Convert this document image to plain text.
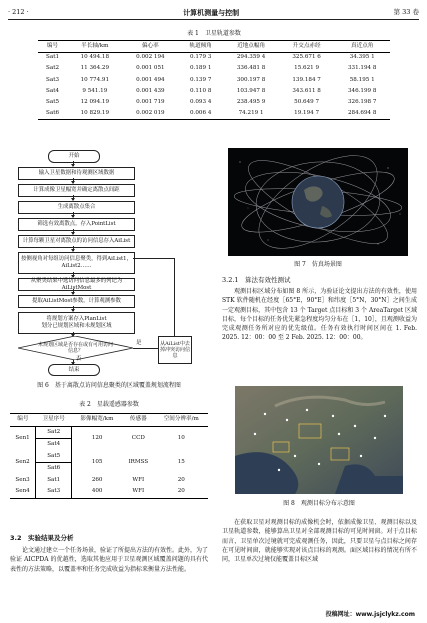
· 212 ·	计算机测量与控制	第 33 卷
表 1　卫星轨道参数
编号	半长轴/km	偏心率	轨道倾角	近地点幅角	升交点赤经	真近点角
Sat1	10 494.18	0.002 194	0.179 3	294.359 4	325.671 6	34.395 1
Sat2	11 364.29	0.001 051	0.189 1	336.481 8	15.621 9	331.194 8
Sat3	10 774.91	0.001 494	0.139 7	300.197 8	139.184 7	58.195 1
Sat4	9 541.19	0.001 439	0.110 8	103.947 8	343.611 8	346.199 8
Sat5	12 094.19	0.001 719	0.093 4	238.495 9	50.649 7	326.198 7
Sat6	10 829.19	0.002 019	0.006 4	74.219 1	19.194 7	284.694 8
开始
输入卫星数据和待观测区域数据
计算成像卫星幅宽并确定离散点间距
生成离散点集合
筛选有效离散点，存入PointList
计算每颗卫星对离散点的访问信息存入AiList
按侧视角对每组访问信息聚类，得到AiList1，AiList2……
从聚类结果中选访问信息最多的列记为AiListMost
提取AiListMost参数，计算观测参数
将规划方案存入PlanList
划分已规划区域和未规划区域
未规划区域是否存在或有可用访问信息？
否
结束
是	从AiList中去掉冲突访问信息
图 6　基于离散点访问信息聚类的区域覆盖规划流程图
表 2　星载遥感器参数
编号	卫星序号	影像幅宽/km	传感器	空间分辨率/m
Sen1	Sat2	120	CCD	10
	Sat4			
Sen2	Sat5	105	IRMSS	15
	Sat6			
Sen3	Sat1	260	WFI	20
Sen4	Sat3	400	WFI	20
3.2　实验结果及分析
论文通过建立一个任务场景，验证了所提出方法的有效性。此外，为了验证 AICPDA 的优越性，选取其他应用于卫星观测区域覆盖问题的具有代表性的方法策略，以覆盖率和任务完成收益为指标来衡量方法性能。
图 7　仿真场景图
3.2.1　算法有效性测试
观测目标区域分布如图 8 所示，为验证论文提出方法的有效性，使用 STK 软件随机在经度［65°E，90°E］和纬度［5°N，30°N］之间生成一定观测目标，其中包含 13 个 Target 点目标和 3 个 AreaTarget 区域目标，每个目标的任务优先紧急程度均匀分布在［1，10］，且观测收益为完成观测任务所对应的优先级值。任务有效执行时间区间在 1. Feb. 2025. 12：00：00 至 2 Feb. 2025. 12：00：00。
图 8　观测目标分布示意图
在获取卫星对观测目标的成像机会时，依据成像卫星、观测目标以及卫星轨道参数，能够算出卫星对全部观测目标的可见时间窗。对于点目标而言，卫星单次过境就可完成观测任务，因此，只要卫星与点目标之间存在可见时间窗，就能够实现对该点目标的观测。面区域目标的情况有所不同，卫星单次过境仅能覆盖目标区域
投稿网址：www.jsjclykz.com
